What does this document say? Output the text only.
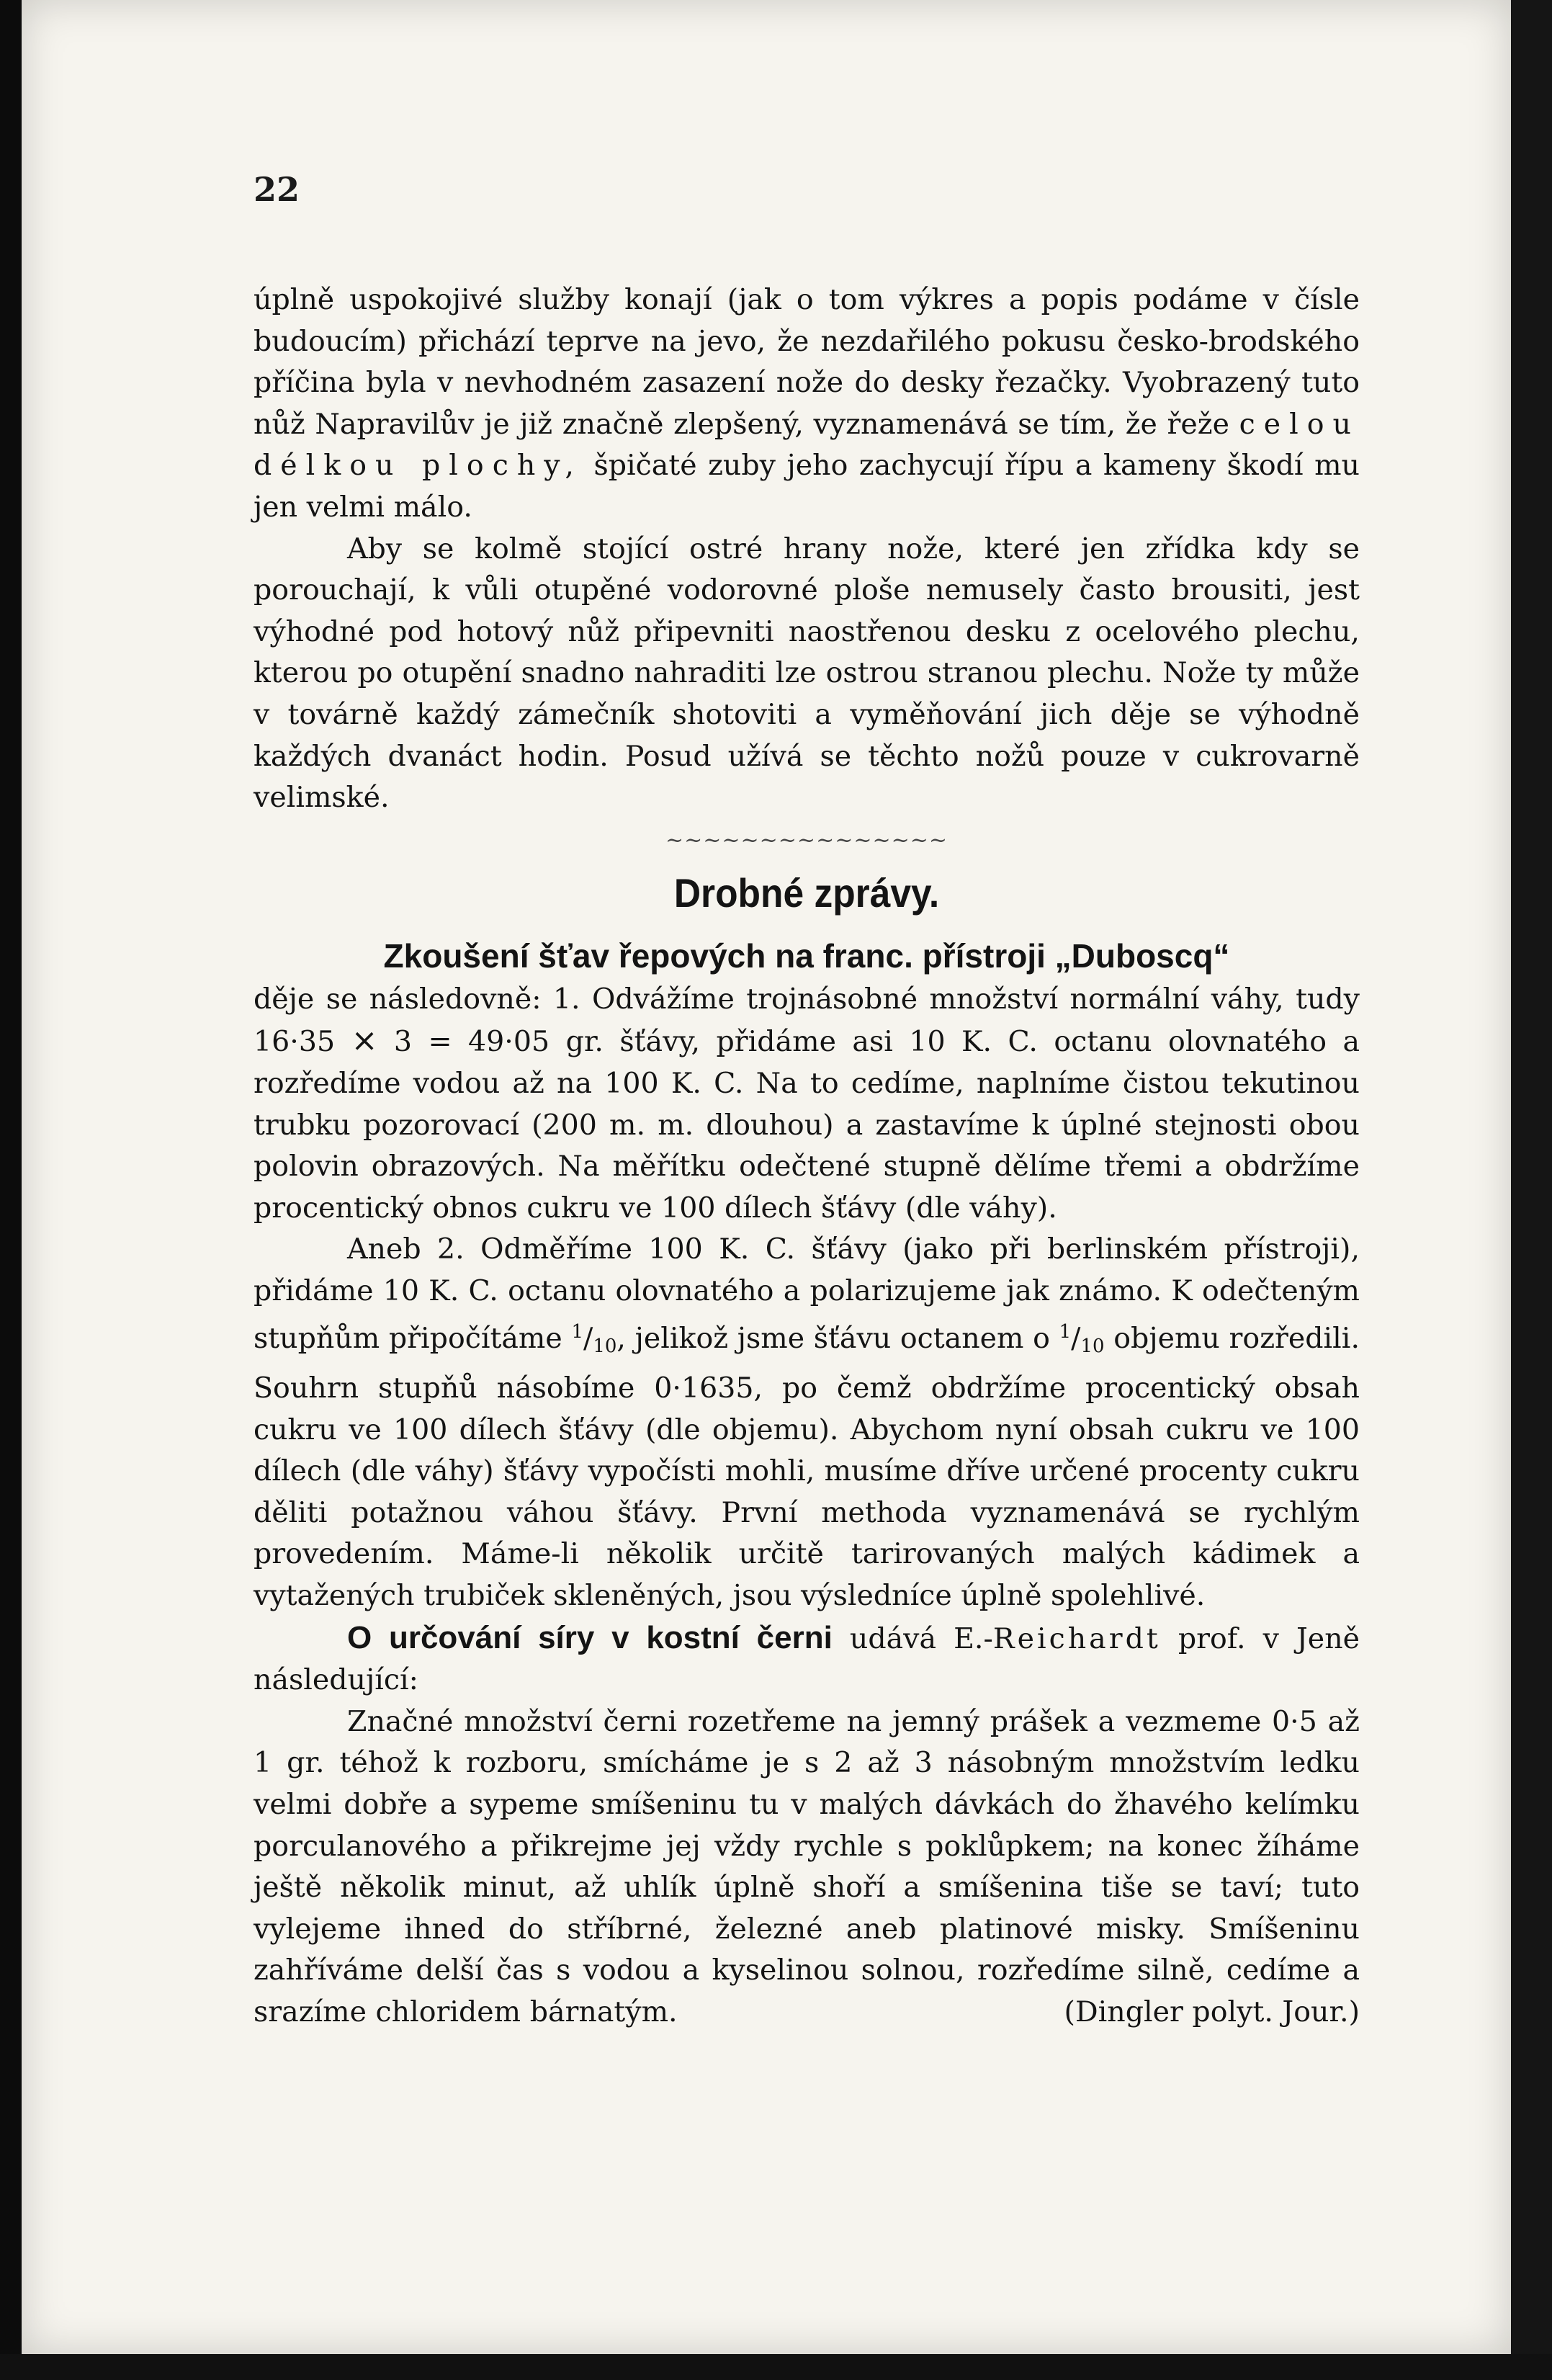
22

úplně uspokojivé služby konají (jak o tom výkres a popis podáme v čísle budoucím) přichází teprve na jevo, že nezdařilého pokusu česko-brodského příčina byla v nevhodném zasazení nože do desky řezačky. Vyobrazený tuto nůž Napravilův je již značně zlepšený, vyznamenává se tím, že řeže celou délkou plochy, špičaté zuby jeho zachycují řípu a kameny škodí mu jen velmi málo.

Aby se kolmě stojící ostré hrany nože, které jen zřídka kdy se porouchají, k vůli otupěné vodorovné ploše nemusely často brousiti, jest výhodné pod hotový nůž připevniti naostřenou desku z ocelového plechu, kterou po otupění snadno nahraditi lze ostrou stranou plechu. Nože ty může v továrně každý zámečník shotoviti a vyměňování jich děje se výhodně každých dvanáct hodin. Posud užívá se těchto nožů pouze v cukrovarně velimské.

~~~~~~~~~~~~~~~
Drobné zprávy.
Zkoušení šťav řepových na franc. přístroji „Duboscq“

děje se následovně: 1. Odvážíme trojnásobné množství normální váhy, tudy 16·35 × 3 = 49·05 gr. šťávy, přidáme asi 10 K. C. octanu olovnatého a rozředíme vodou až na 100 K. C. Na to cedíme, naplníme čistou tekutinou trubku pozorovací (200 m. m. dlouhou) a zastavíme k úplné stejnosti obou polovin obrazových. Na měřítku odečtené stupně dělíme třemi a obdržíme procentický obnos cukru ve 100 dílech šťávy (dle váhy).

Aneb 2. Odměříme 100 K. C. šťávy (jako při berlinském přístroji), přidáme 10 K. C. octanu olovnatého a polarizujeme jak známo. K odečteným stupňům připočítáme $^1/_{10}$, jelikož jsme šťávu octanem o $^1/_{10}$ objemu rozředili. Souhrn stupňů násobíme 0·1635, po čemž obdržíme procentický obsah cukru ve 100 dílech šťávy (dle objemu). Abychom nyní obsah cukru ve 100 dílech (dle váhy) šťávy vypočísti mohli, musíme dříve určené procenty cukru děliti potažnou váhou šťávy. První methoda vyznamenává se rychlým provedením. Máme-li několik určitě tarirovaných malých kádimek a vytažených trubiček skleněných, jsou výsledníce úplně spolehlivé.

O určování síry v kostní černi udává E.-Reichardt prof. v Jeně následující:

Značné množství černi rozetřeme na jemný prášek a vezmeme 0·5 až 1 gr. téhož k rozboru, smícháme je s 2 až 3 násobným množstvím ledku velmi dobře a sypeme smíšeninu tu v malých dávkách do žhavého kelímku porculanového a přikrejme jej vždy rychle s poklůpkem; na konec žíháme ještě několik minut, až uhlík úplně shoří a smíšenina tiše se taví; tuto vylejeme ihned do stříbrné, železné aneb platinové misky. Smíšeninu zahříváme delší čas s vodou a kyselinou solnou, rozředíme silně, cedíme a srazíme chloridem bárnatým.	(Dingler polyt. Jour.)
